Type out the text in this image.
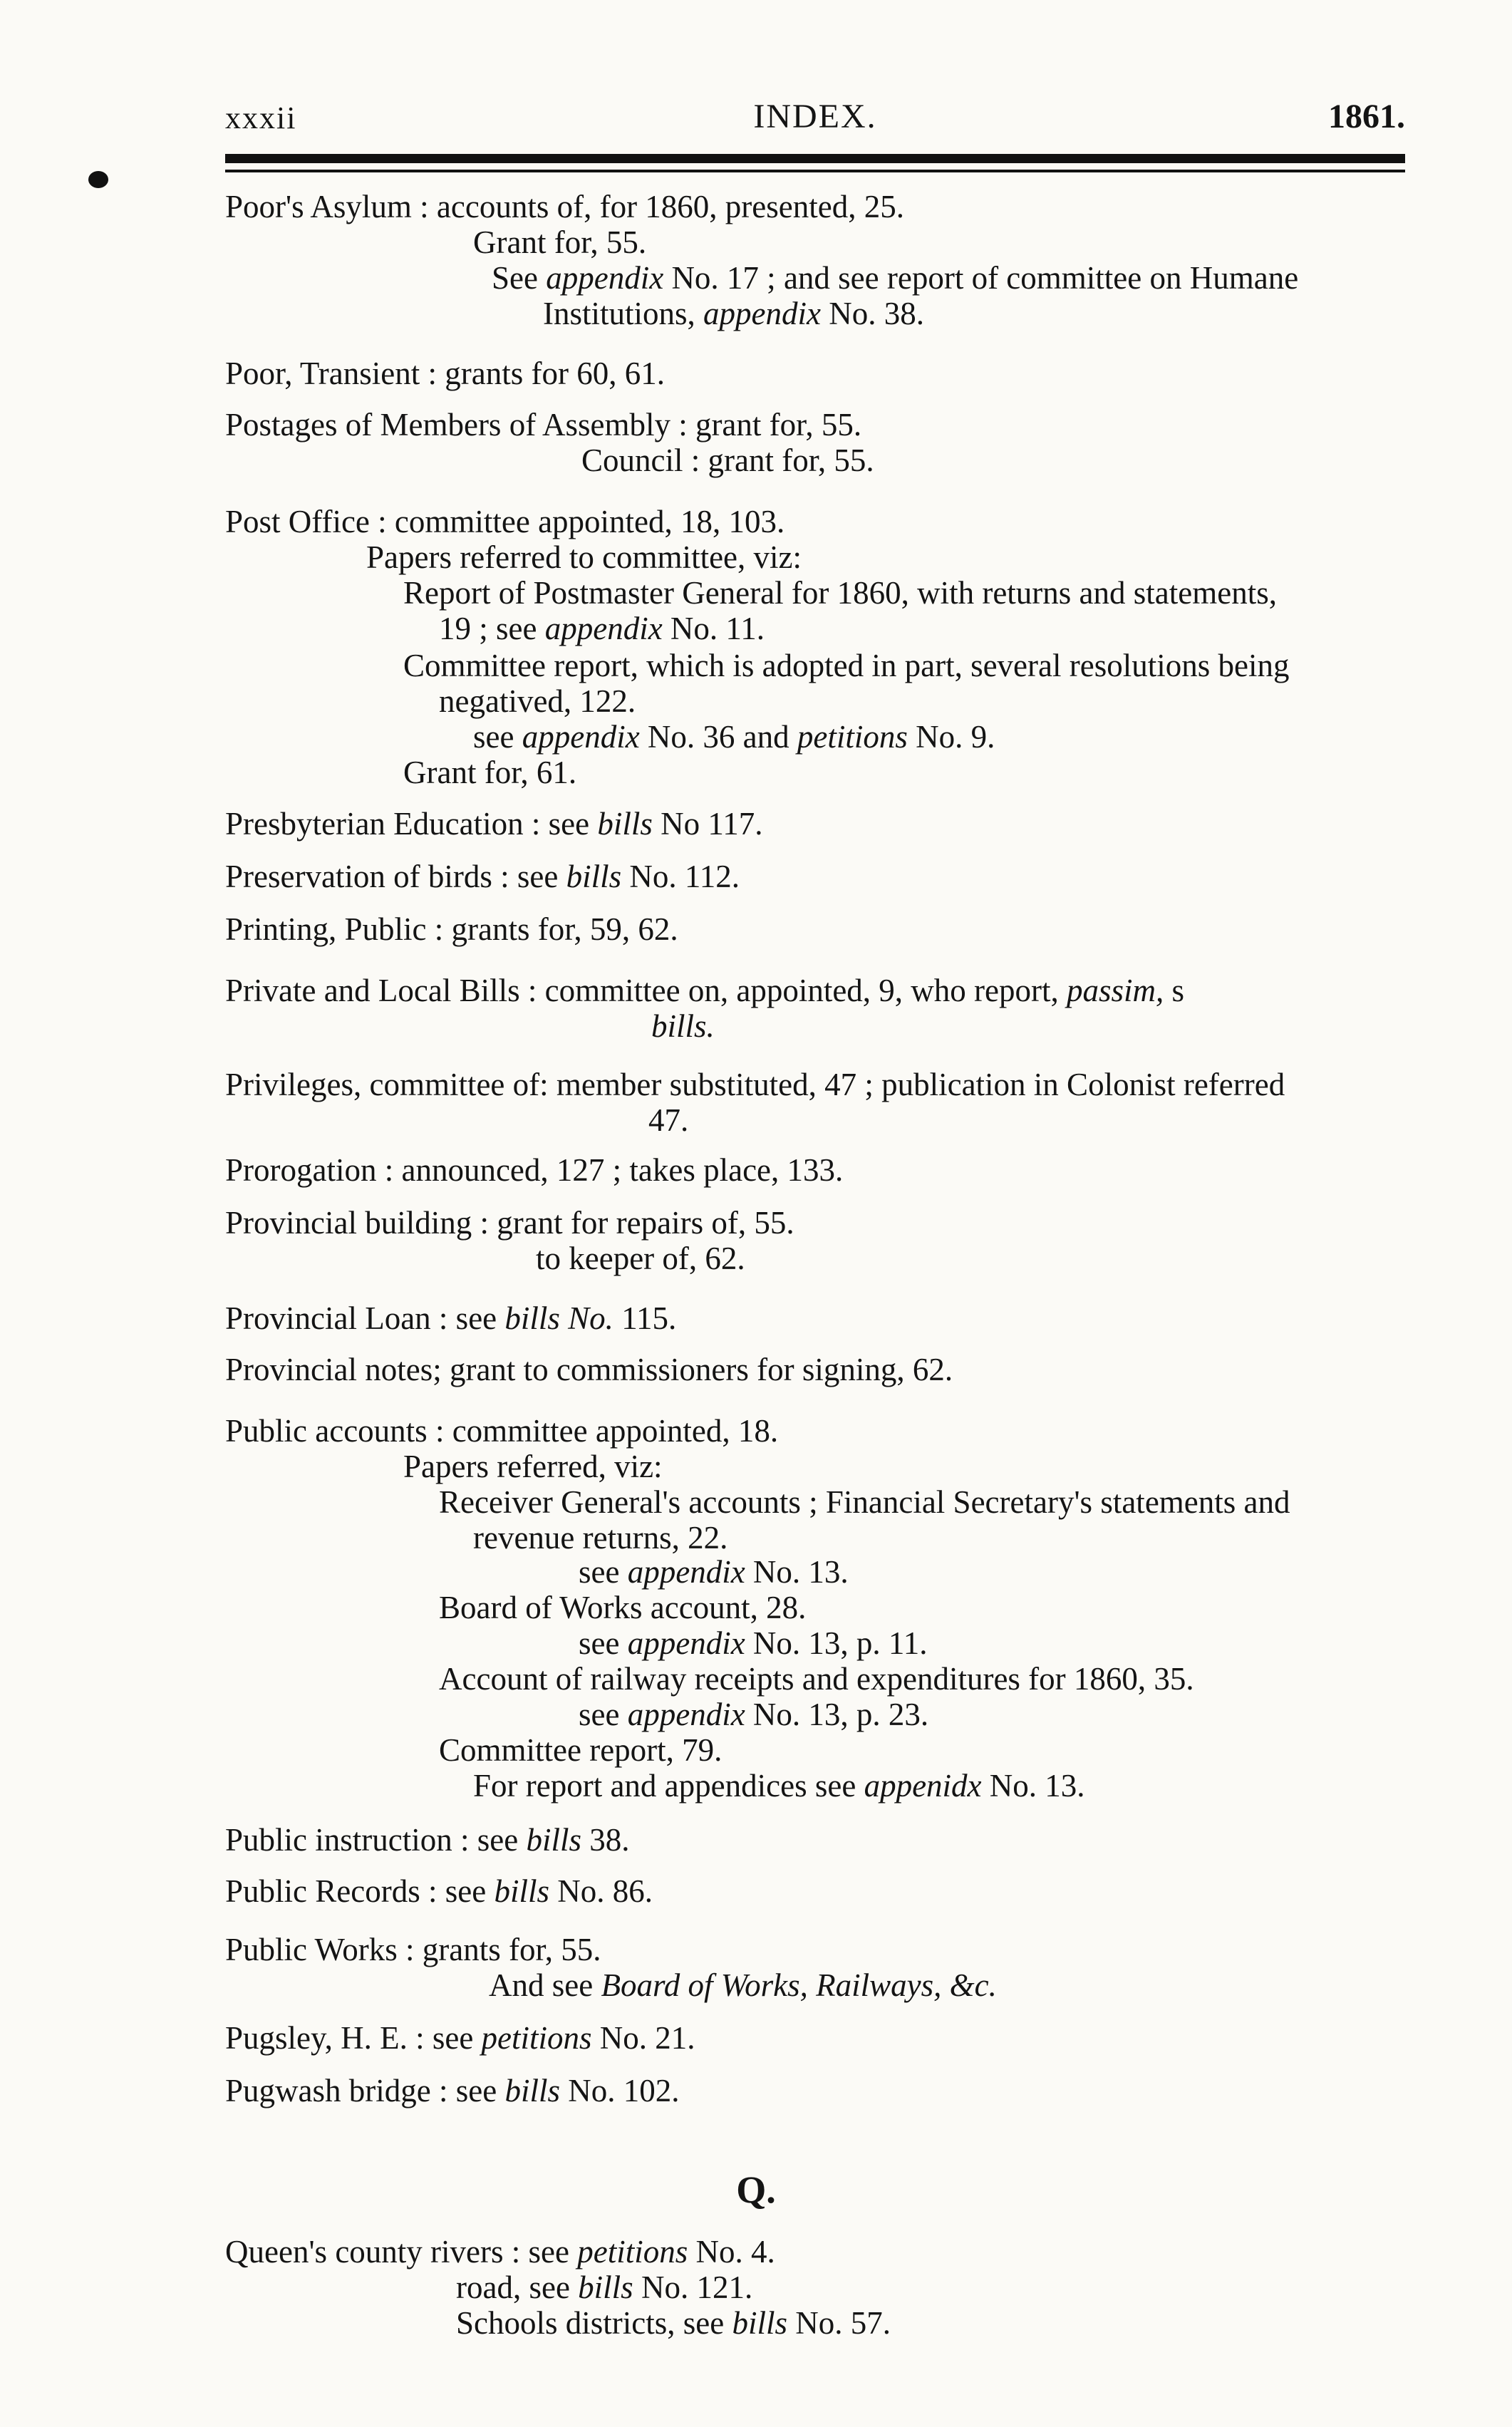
xxxii	INDEX.	1861.
Poor's Asylum : accounts of, for 1860, presented, 25.
Grant for, 55.
See appendix No. 17 ; and see report of committee on Humane
Institutions, appendix No. 38.
Poor, Transient : grants for 60, 61.
Postages of Members of Assembly : grant for, 55.
Council : grant for, 55.
Post Office : committee appointed, 18, 103.
Papers referred to committee, viz:
Report of Postmaster General for 1860, with returns and statements,
19 ; see appendix No. 11.
Committee report, which is adopted in part, several resolutions being
negatived, 122.
see appendix No. 36 and petitions No. 9.
Grant for, 61.
Presbyterian Education : see bills No 117.
Preservation of birds : see bills No. 112.
Printing, Public : grants for, 59, 62.
Private and Local Bills : committee on, appointed, 9, who report, passim, s
bills.
Privileges, committee of: member substituted, 47 ; publication in Colonist referred
47.
Prorogation : announced, 127 ; takes place, 133.
Provincial building : grant for repairs of, 55.
to keeper of, 62.
Provincial Loan : see bills No. 115.
Provincial notes; grant to commissioners for signing, 62.
Public accounts : committee appointed, 18.
Papers referred, viz:
Receiver General's accounts ; Financial Secretary's statements and
revenue returns, 22.
see appendix No. 13.
Board of Works account, 28.
see appendix No. 13, p. 11.
Account of railway receipts and expenditures for 1860, 35.
see appendix No. 13, p. 23.
Committee report, 79.
For report and appendices see appenidx No. 13.
Public instruction : see bills 38.
Public Records : see bills No. 86.
Public Works : grants for, 55.
And see Board of Works, Railways, &c.
Pugsley, H. E. : see petitions No. 21.
Pugwash bridge : see bills No. 102.
Q.
Queen's county rivers : see petitions No. 4.
road, see bills No. 121.
Schools districts, see bills No. 57.
